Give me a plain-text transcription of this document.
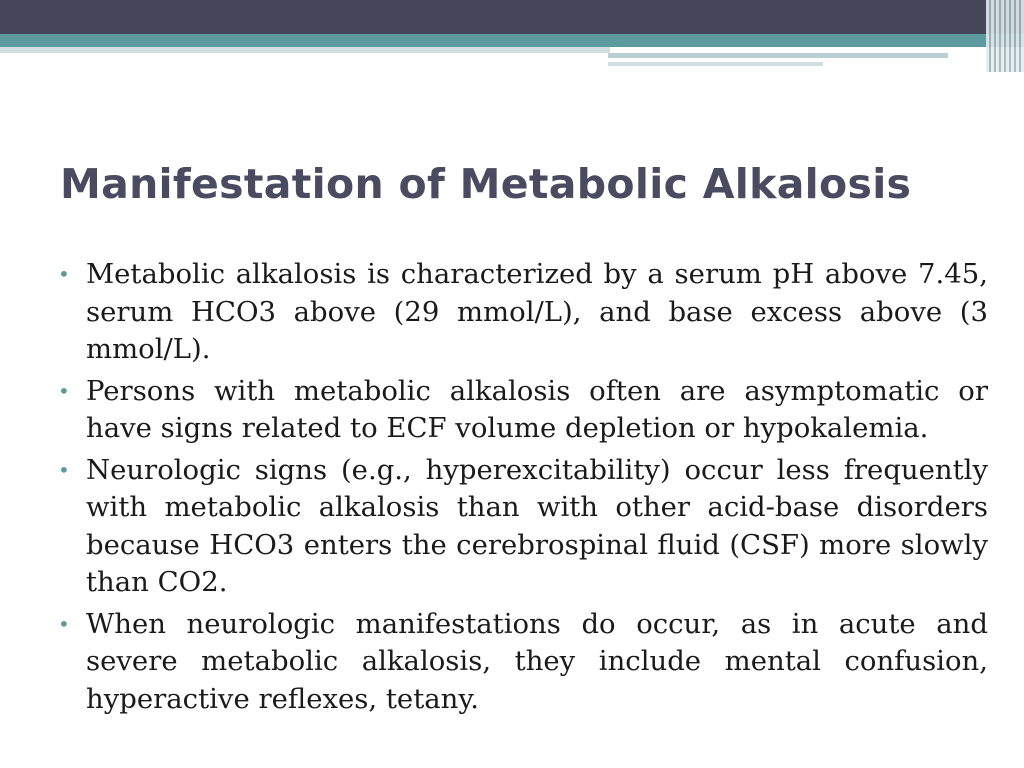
Manifestation of Metabolic Alkalosis
• Metabolic alkalosis is characterized by a serum pH above 7.45, serum HCO3 above (29 mmol/L), and base excess above (3 mmol/L).
• Persons with metabolic alkalosis often are asymptomatic or have signs related to ECF volume depletion or hypokalemia.
• Neurologic signs (e.g., hyperexcitability) occur less frequently with metabolic alkalosis than with other acid-base disorders because HCO3 enters the cerebrospinal fluid (CSF) more slowly than CO2.
• When neurologic manifestations do occur, as in acute and severe metabolic alkalosis, they include mental confusion, hyperactive reflexes, tetany.
